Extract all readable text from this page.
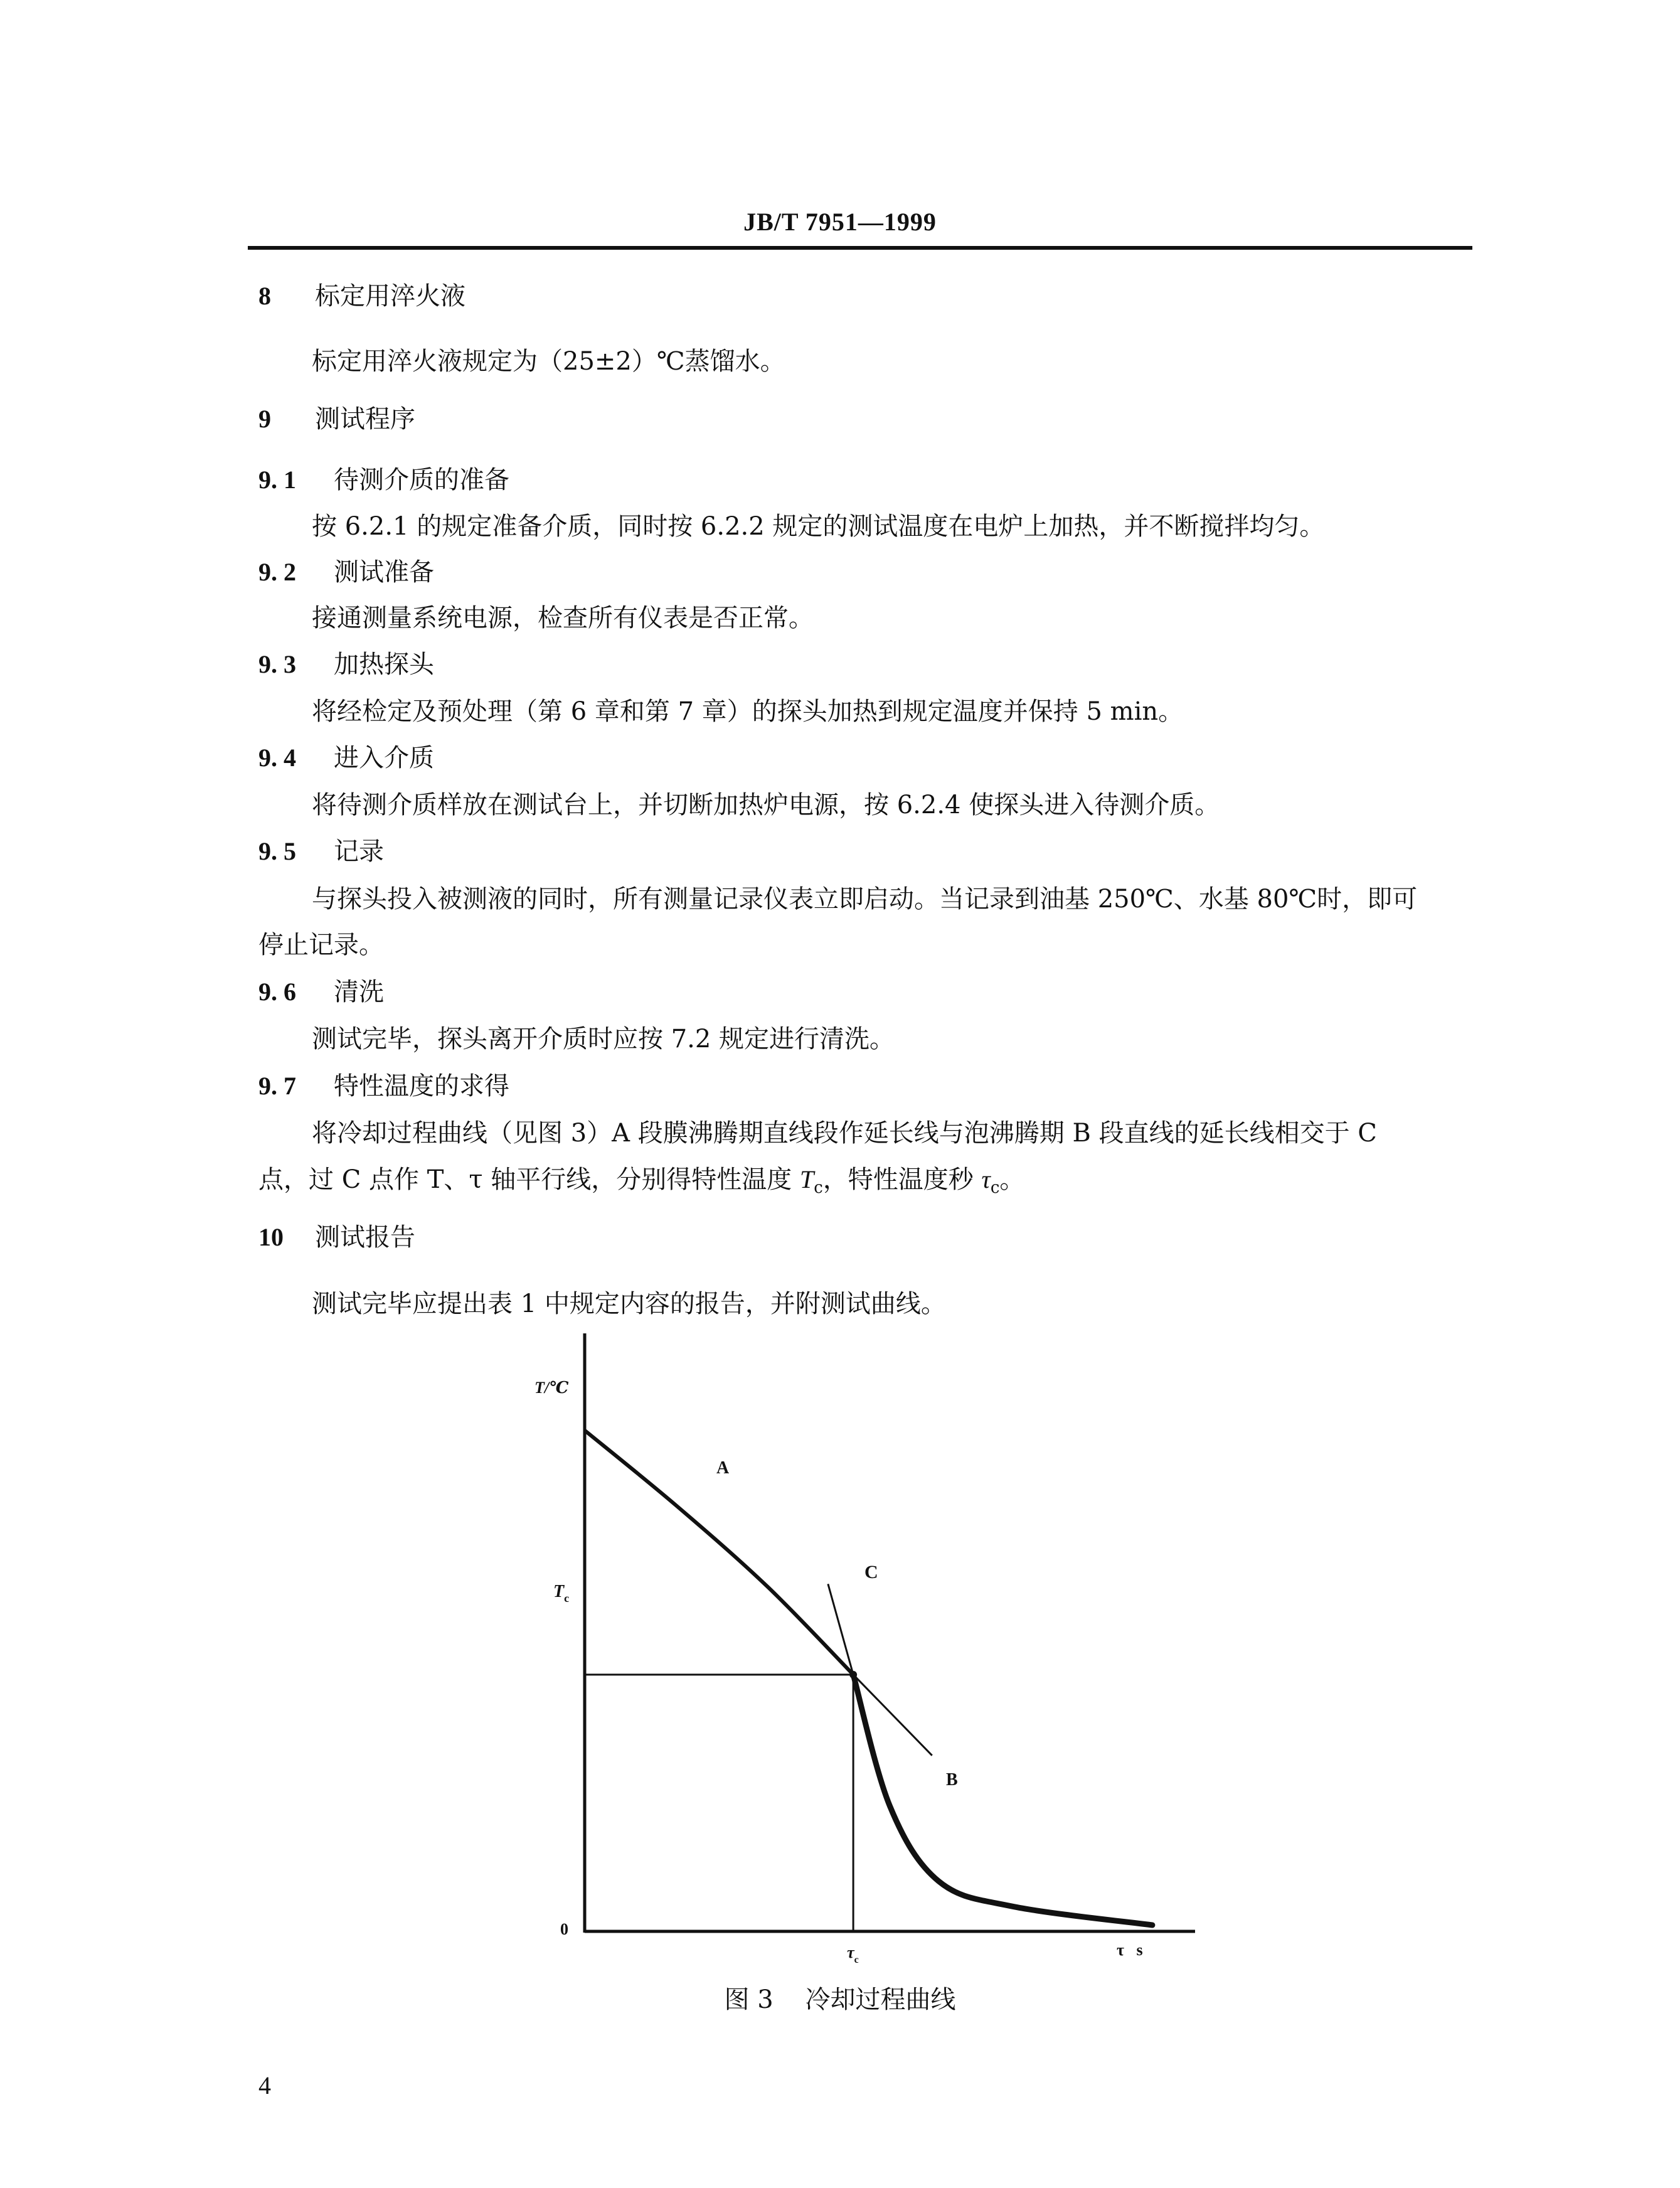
JB/T 7951—1999
8 标定用淬火液
标定用淬火液规定为（25±2）℃蒸馏水。
9 测试程序
9. 1 待测介质的准备
按 6.2.1 的规定准备介质，同时按 6.2.2 规定的测试温度在电炉上加热，并不断搅拌均匀。
9. 2 测试准备
接通测量系统电源，检查所有仪表是否正常。
9. 3 加热探头
将经检定及预处理（第 6 章和第 7 章）的探头加热到规定温度并保持 5 min。
9. 4 进入介质
将待测介质样放在测试台上，并切断加热炉电源，按 6.2.4 使探头进入待测介质。
9. 5 记录
与探头投入被测液的同时，所有测量记录仪表立即启动。当记录到油基 250℃、水基 80℃时，即可
停止记录。
9. 6 清洗
测试完毕，探头离开介质时应按 7.2 规定进行清洗。
9. 7 特性温度的求得
将冷却过程曲线（见图 3）A 段膜沸腾期直线段作延长线与泡沸腾期 B 段直线的延长线相交于 C
点，过 C 点作 T、τ 轴平行线，分别得特性温度 $T_c$，特性温度秒 $\tau_c$。
10 测试报告
测试完毕应提出表 1 中规定内容的报告，并附测试曲线。
T/℃
0
$T_c$
$\tau_c$
τ   s
A
C
B
图 3    冷却过程曲线
4
